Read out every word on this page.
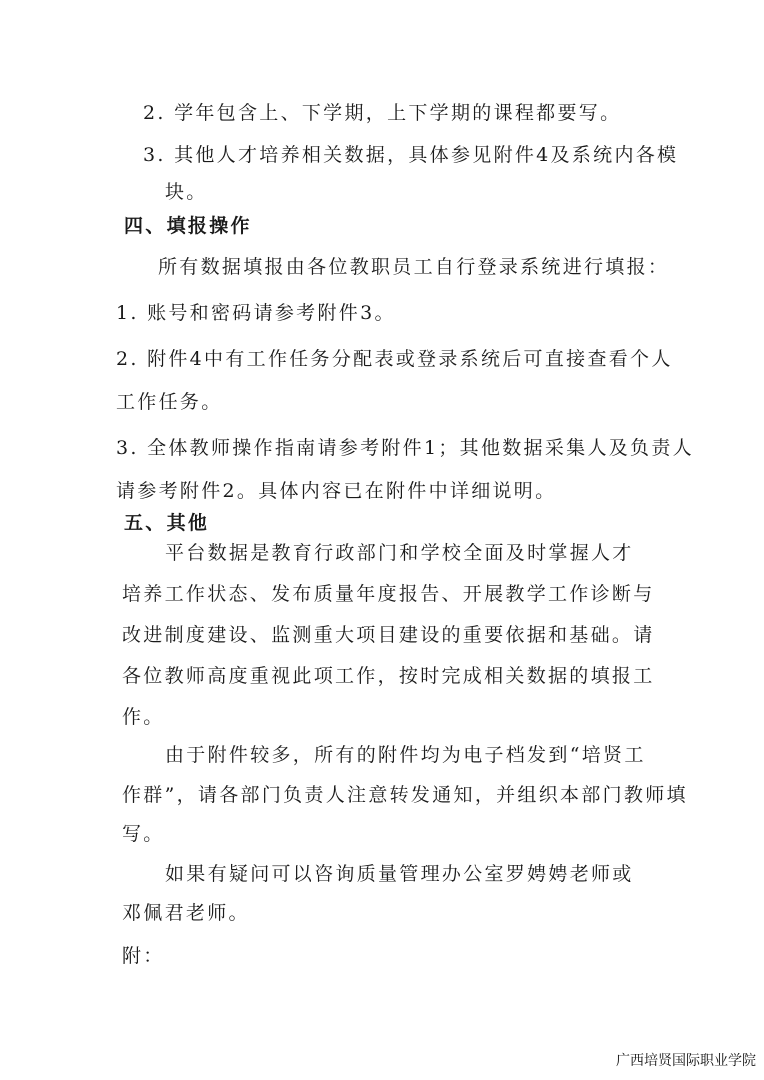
2. 学年包含上、下学期，上下学期的课程都要写。
3. 其他人才培养相关数据，具体参见附件4及系统内各模
块。
四、填报操作
所有数据填报由各位教职员工自行登录系统进行填报：
1. 账号和密码请参考附件3。
2. 附件4中有工作任务分配表或登录系统后可直接查看个人
工作任务。
3. 全体教师操作指南请参考附件1；其他数据采集人及负责人
请参考附件2。具体内容已在附件中详细说明。
五、其他
平台数据是教育行政部门和学校全面及时掌握人才
培养工作状态、发布质量年度报告、开展教学工作诊断与
改进制度建设、监测重大项目建设的重要依据和基础。请
各位教师高度重视此项工作，按时完成相关数据的填报工
作。
由于附件较多，所有的附件均为电子档发到“培贤工
作群”，请各部门负责人注意转发通知，并组织本部门教师填
写。
如果有疑问可以咨询质量管理办公室罗娉娉老师或
邓佩君老师。
附：
广西培贤国际职业学院
